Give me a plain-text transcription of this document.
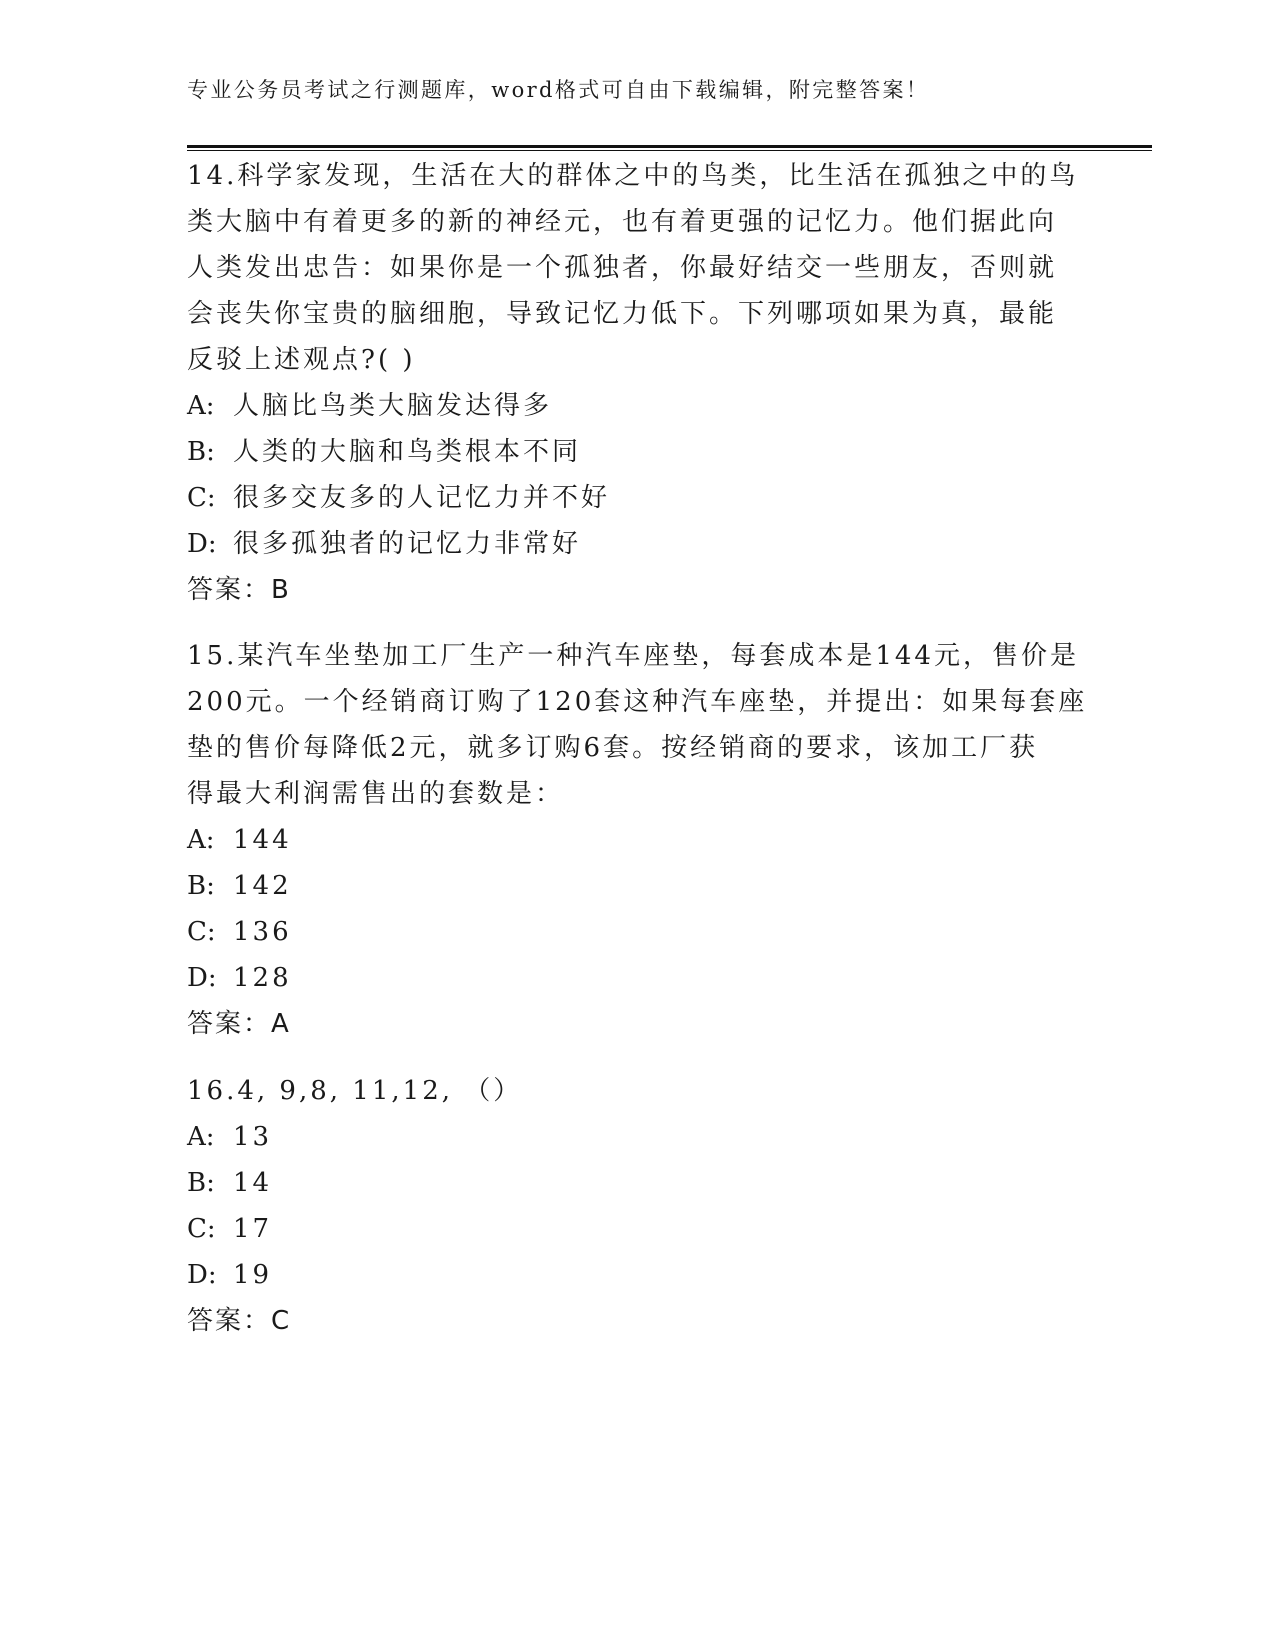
专业公务员考试之行测题库，word格式可自由下载编辑，附完整答案！
14.科学家发现，生活在大的群体之中的鸟类，比生活在孤独之中的鸟
类大脑中有着更多的新的神经元，也有着更强的记忆力。他们据此向
人类发出忠告：如果你是一个孤独者，你最好结交一些朋友，否则就
会丧失你宝贵的脑细胞，导致记忆力低下。下列哪项如果为真，最能
反驳上述观点?( )
A: 人脑比鸟类大脑发达得多
B: 人类的大脑和鸟类根本不同
C: 很多交友多的人记忆力并不好
D: 很多孤独者的记忆力非常好
答案：B
15.某汽车坐垫加工厂生产一种汽车座垫，每套成本是144元，售价是
200元。一个经销商订购了120套这种汽车座垫，并提出：如果每套座
垫的售价每降低2元，就多订购6套。按经销商的要求，该加工厂获
得最大利润需售出的套数是：
A: 144
B: 142
C: 136
D: 128
答案：A
16.4, 9,8, 11,12, （）
A: 13
B: 14
C: 17
D: 19
答案：C
